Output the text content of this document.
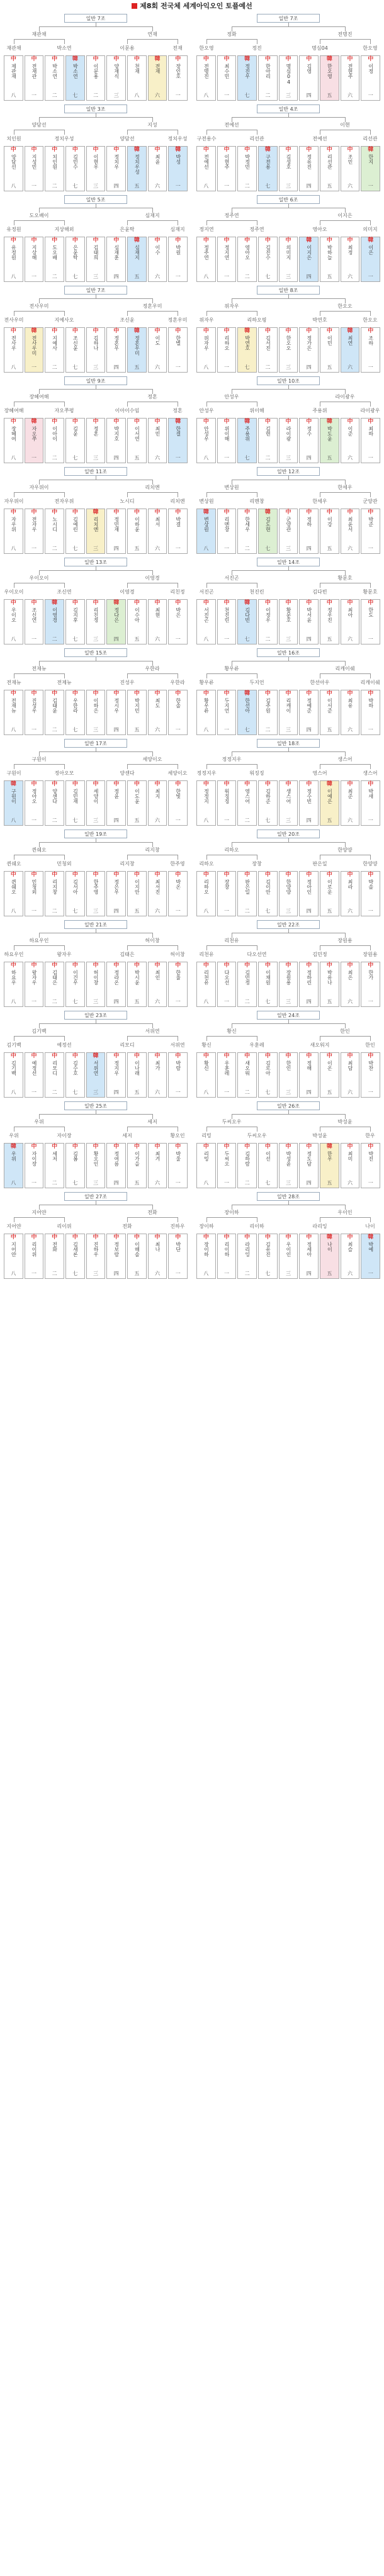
제8회 전국체 세계아익오인 토플예선
일반 7조
재관채	연재
재관채	박소연	이문용	전재
中
제관재
八
中
전재관
一
中
박소연
二
韓
박소연
七
中
이문용
二
中
양재식
三
中
천재
八
韓
전재
六
中
장인호
一
일반 7조
정화	전명진
한오영	정진	명심04	한오영
中
전명진
八
中
최수민
一
韓
정진우
七
中
한아리
二
中
명심04
三
中
김영
四
韓
한오영
五
中
전현주
六
中
이정
一
일반 3조
양담선	지성
치인원	정치우성	양담선	정치우성
中
양담선
八
中
지성민
一
中
치인원
二
中
김민수
七
中
이현우
三
中
정치우
四
韓
정치우성
五
中
최윤
六
韓
박성
一
일반 4조
전예선	이현
구전용수	리선관	전예선	리선관
中
전예선
八
中
이현주
一
中
박정민
二
韓
구전용
七
中
김성호
三
中
정유진
四
中
리선관
五
中
조민
六
韓
한지
一
일반 5조
도오배이	심재지
유정원	지상해외	은윤탁	심재지
中
유정원
八
中
지상해
一
中
도오배
二
中
은윤탁
七
中
김태희
三
中
심재훈
四
韓
심재지
五
中
이수
六
中
박원
一
일반 6조
정주연	이지은
정지연	정주연	영아오	의미지
中
정주연
八
中
정지연
一
中
영아오
二
中
김진수
七
中
의미지
三
韓
이지은
四
中
박하늘
五
中
최정
六
韓
이은
一
일반 7조
전사우미	정혼우미
전사우미	지예사오	조신윤	정혼우미
中
전사우
八
韓
전사우미
一
中
지예사
二
中
조신윤
七
中
김하나
三
中
정혼우
四
韓
정혼우미
五
中
이도
六
中
한별
一
일반 8조
위자우	한오오
위자우	리하오핑	박연호	한오오
中
위자우
八
中
리하오
一
韓
박연호
七
中
김서진
二
中
한오오
三
中
정가은
四
中
이민
五
韓
최연
六
中
조하
一
일반 9조
장혜여해	정혼
장혜여해	자오쭈펑	이아이수임	정혼
中
장혜여
八
韓
자오쭈
一
中
이아이
二
中
김윤
七
中
정혼
三
中
박지호
四
中
이서연
五
中
최민
六
韓
한결
一
일반 10조
안성우	라이광우
안성우	위이해	주용위	라이광우
中
안성우
八
中
위이해
一
韓
주용위
七
中
김현
二
中
라이광
三
中
정수
四
韓
박도윤
五
中
이준
六
中
최하
一
일반 11조
자우위이	리치엔
자우위이	전자우위	노시디	리치엔
中
자우위
八
中
전자우
一
中
노시디
二
中
김예린
七
韓
리치엔
三
中
정민재
四
中
이하윤
五
中
최서
六
中
박결
一
일반 12조
변상원	한세우
변상원	리멘창	한세우	군양관
韓
변상원
八
中
리멘창
一
中
한세우
二
韓
김도현
七
中
군양관
三
中
정하
四
中
이강
五
中
최윤서
六
中
박준
一
일반 13조
우이오이	이영경
우이오이	조신연	이영경	리친정
中
우이오
八
中
조신연
一
韓
이영경
二
中
김지후
七
中
리친정
三
韓
정다은
四
中
이수아
五
中
최현
六
中
박은
一
일반 14조
서진곤	황문호
서진곤	천진린	김다빈	황문호
中
서진곤
八
中
천진린
一
韓
김다빈
七
中
이정우
二
中
황문호
三
中
박서윤
四
中
정우진
五
中
최아
六
中
한도
一
일반 15조
전재뉴	우한라
전재뉴	전제뉴	진성우	우한라
中
전재뉴
八
中
진성우
一
中
김태윤
二
中
우한라
七
中
이하은
三
中
정시우
四
中
박지민
五
中
최도
六
中
한솔
一
일반 16조
황우류	리캐이쉐
황우류	두지언	한선아우	리캐이쉐
中
황우류
八
中
두지언
一
韓
한선아
七
中
김주원
二
中
리캐이
三
中
정예준
四
中
이서준
五
中
최유
六
中
박하
一
일반 17조
구원이	세양이오
구원이	정아오모	양센다	세양이오
韓
구원이
八
中
정아오
一
中
양센다
二
中
김민재
七
中
세양이
三
中
정윤
四
中
이도윤
五
中
최지
六
中
한빛
一
일반 18조
정정지우	생스어
정정지우	워징징	영스어	생스어
中
정정지
八
中
워징징
一
中
영스어
二
中
김하준
七
中
생스어
三
中
정수빈
四
韓
이예은
五
中
최준
六
中
박새
一
일반 19조
퀸쉐오	리지창
퀸쉐오	민청외	리지창	한주영
中
퀸쉐오
八
中
민청외
一
中
리지창
二
中
김서아
七
中
한주영
三
中
정은우
四
中
이지안
五
中
최서진
六
中
박온
一
일반 20조
리하오	한양양
리하오	장창	판은일	한양양
中
리하오
八
中
장창
一
中
판은일
二
中
김이안
七
中
한양양
三
中
정아인
四
中
이로운
五
中
최라
六
中
박솔
一
일반 21조
하요우인	허이창
하요우인	왕자우	김태은	허이창
中
하요우
八
中
왕자우
一
中
김태은
二
中
이건우
七
中
허이창
三
中
정라온
四
中
박시윤
五
中
최인
六
中
한율
一
일반 22조
리천유	장원용
리천유	다오선연	김민정	장원용
中
리천유
八
中
다오선
一
中
김민정
二
中
이채원
七
中
장원용
三
中
정하린
四
中
박유나
五
中
최은
六
中
한가
一
일반 23조
김기백	서위연
김기백	예정선	리모디	서위연
中
김기백
八
中
예정선
一
中
리모디
二
中
김수호
七
韓
서위연
三
中
정지우
四
中
이나래
五
中
최가
六
中
박람
一
일반 24조
황신	한인
황신	우훈레	새오워지	한인
中
황신
八
中
우훈레
一
中
새오워
二
中
김로아
七
中
한인
三
中
정해
四
中
이온
五
中
최담
六
中
박찬
一
일반 25조
우위	세저
우위	자이장	세저	황오인
韓
우위
八
中
자이장
一
中
세저
二
中
김봄
七
中
황오인
三
中
정여름
四
中
이가을
五
中
최겨
六
中
박울
一
일반 26조
두씨오우	박성윤
리밍	두씨오우	박성윤	한우
中
리밍
八
中
두씨오
一
中
김하람
二
中
이선
七
中
박성윤
三
中
정도담
四
韓
한우
五
中
최미
六
中
박진
一
일반 27조
지어얀	전화
지어얀	리이위	전화	진하우
中
지어얀
八
中
리이위
一
中
전화
二
中
김새론
七
中
진하우
三
中
정보람
四
中
이해솔
五
中
최나
六
中
박단
一
일반 28조
장이하	우이인
장이하	리이하	라리잉	나이
中
장이하
八
中
리이하
一
中
라리잉
二
中
김유진
七
中
우이인
三
中
정세아
四
韓
나이
五
中
최슬
六
韓
박예
一
